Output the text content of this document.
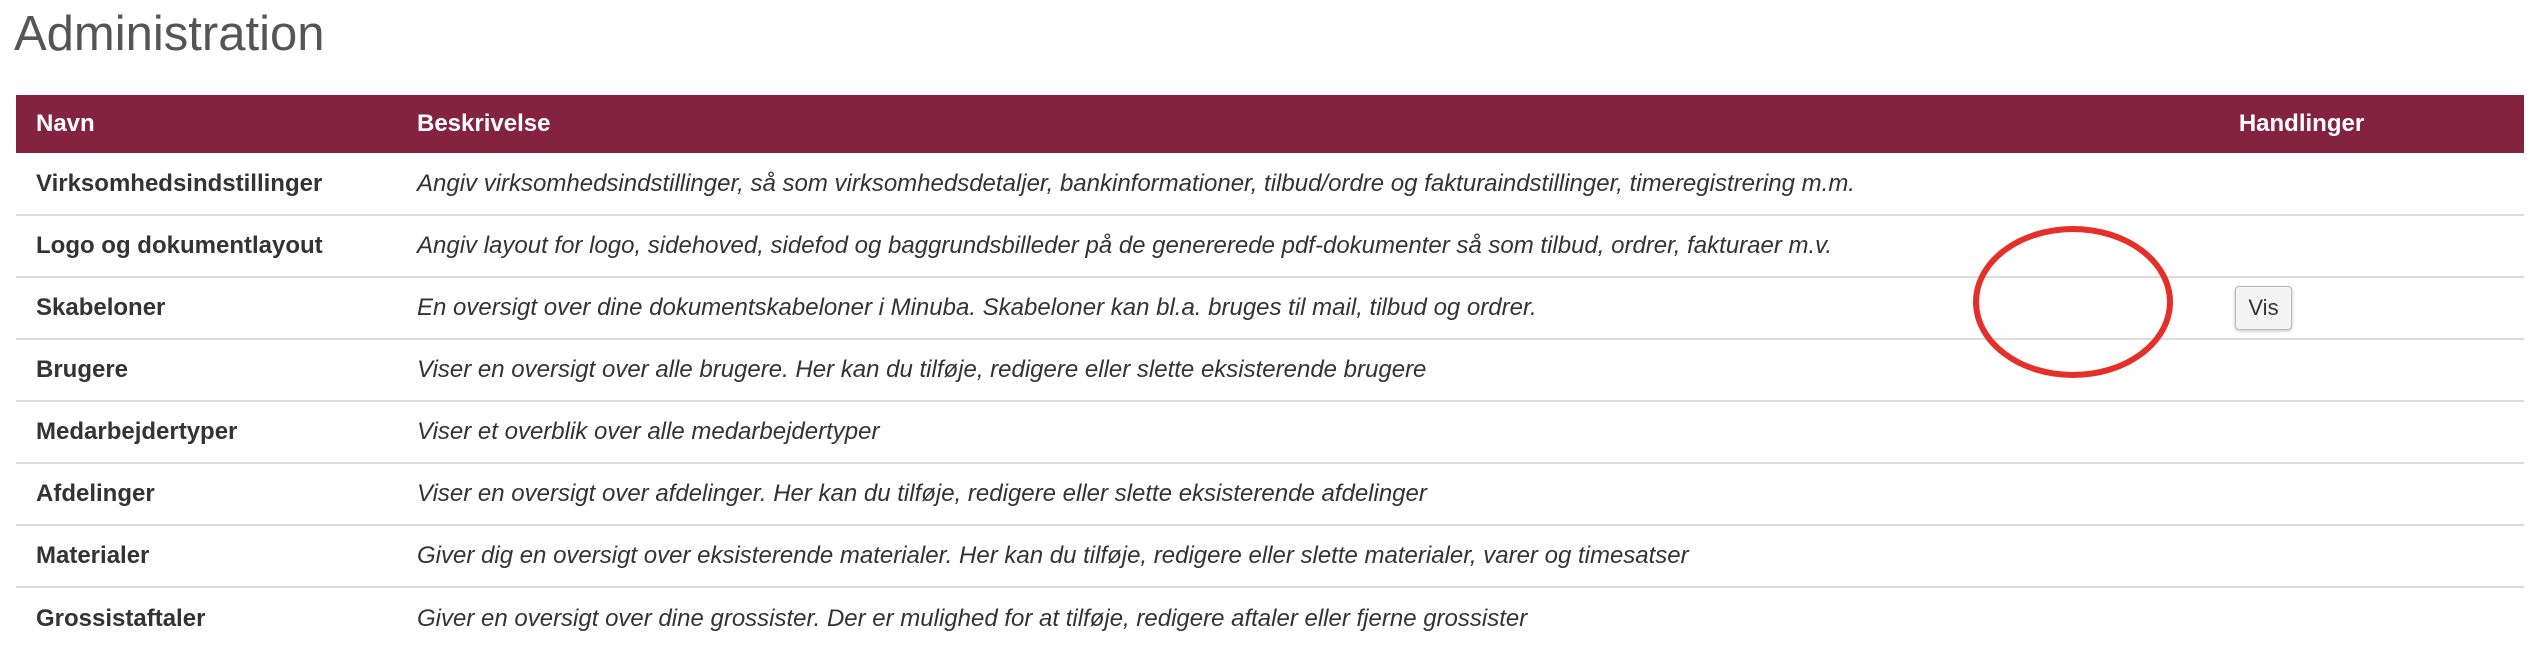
Administration
Navn	Beskrivelse	Handlinger
Virksomhedsindstillinger	Angiv virksomhedsindstillinger, så som virksomhedsdetaljer, bankinformationer, tilbud/ordre og fakturaindstillinger, timeregistrering m.m.	
Logo og dokumentlayout	Angiv layout for logo, sidehoved, sidefod og baggrundsbilleder på de genererede pdf-dokumenter så som tilbud, ordrer, fakturaer m.v.	
Skabeloner	En oversigt over dine dokumentskabeloner i Minuba. Skabeloner kan bl.a. bruges til mail, tilbud og ordrer.	Vis
Brugere	Viser en oversigt over alle brugere. Her kan du tilføje, redigere eller slette eksisterende brugere	
Medarbejdertyper	Viser et overblik over alle medarbejdertyper	
Afdelinger	Viser en oversigt over afdelinger. Her kan du tilføje, redigere eller slette eksisterende afdelinger	
Materialer	Giver dig en oversigt over eksisterende materialer. Her kan du tilføje, redigere eller slette materialer, varer og timesatser	
Grossistaftaler	Giver en oversigt over dine grossister. Der er mulighed for at tilføje, redigere aftaler eller fjerne grossister	
